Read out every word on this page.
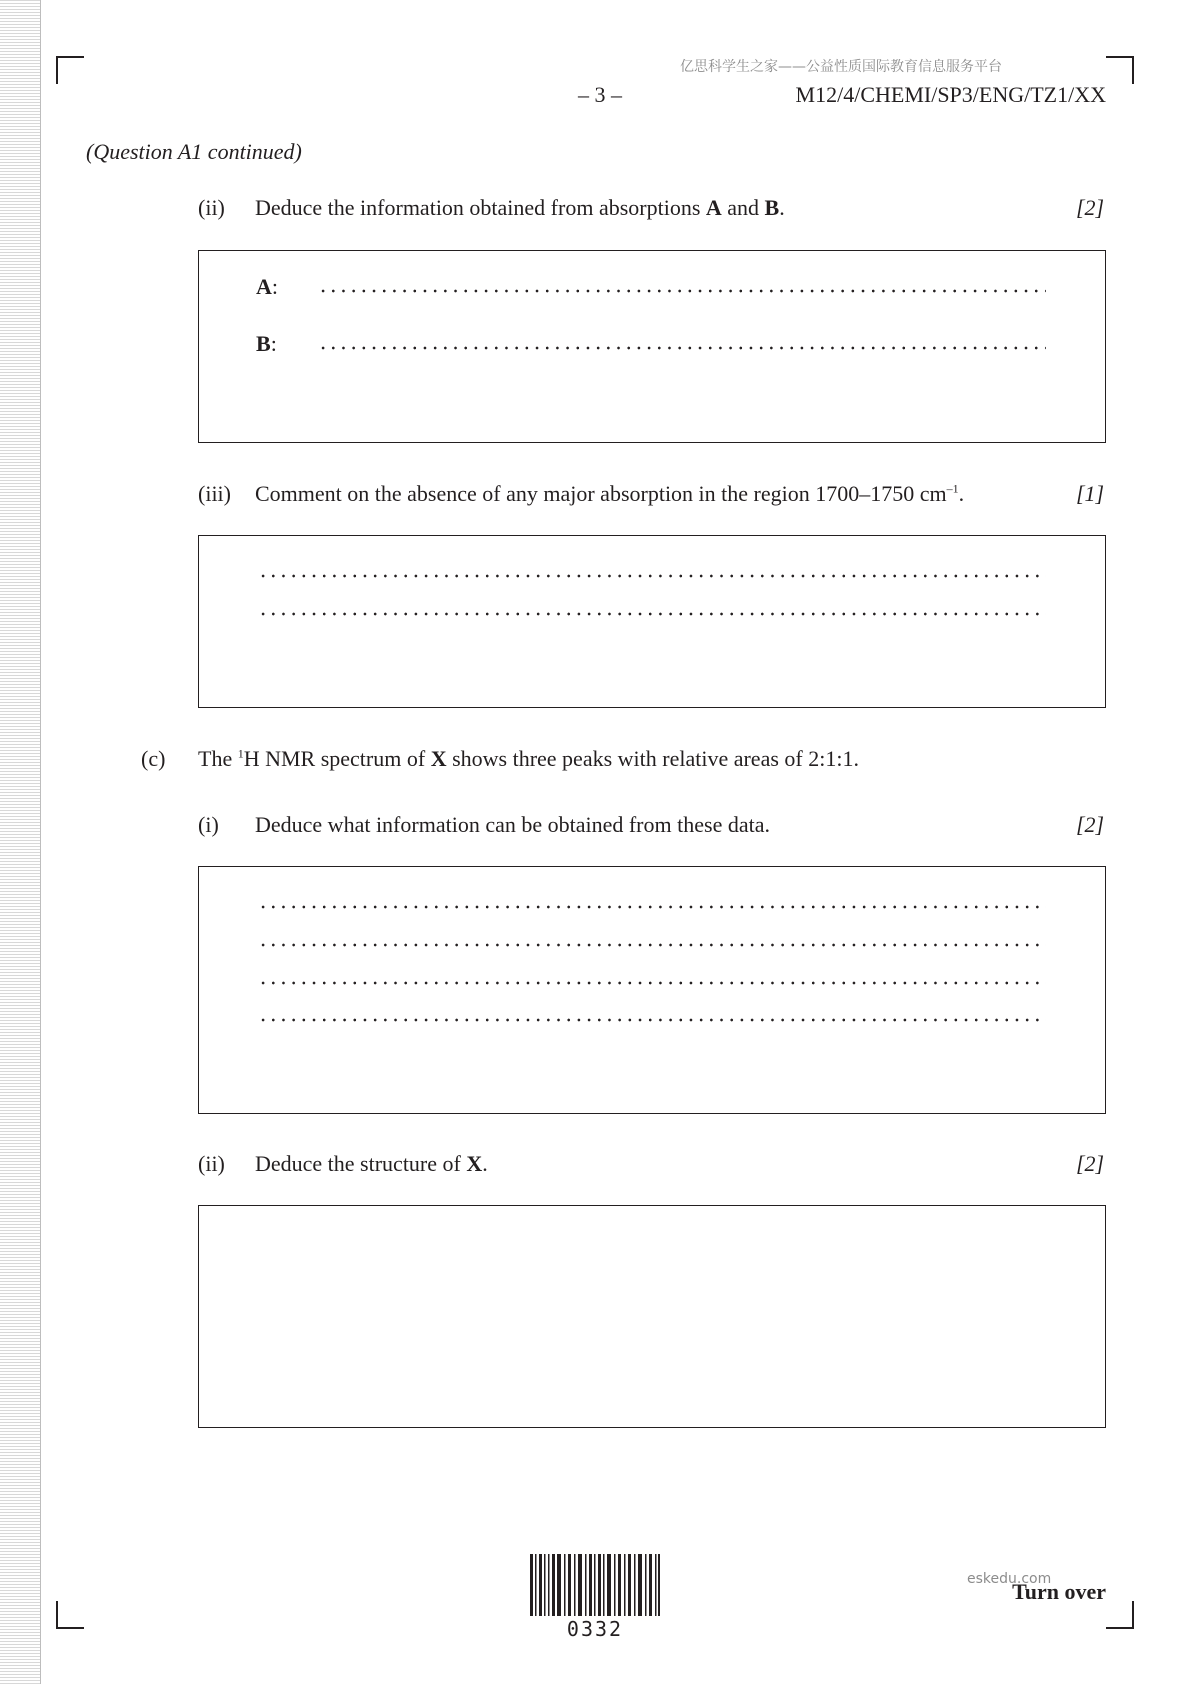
亿思科学生之家——公益性质国际教育信息服务平台
– 3 –	M12/4/CHEMI/SP3/ENG/TZ1/XX
(Question A1 continued)
(ii) Deduce the information obtained from absorptions A and B.	[2]
A:
B:
(iii) Comment on the absence of any major absorption in the region 1700–1750 $cm^{-1}$.	[1]
(c) The $^1$H NMR spectrum of X shows three peaks with relative areas of 2:1:1.
(i) Deduce what information can be obtained from these data.	[2]
(ii) Deduce the structure of X.	[2]
0332
eskedu.com
Turn over
